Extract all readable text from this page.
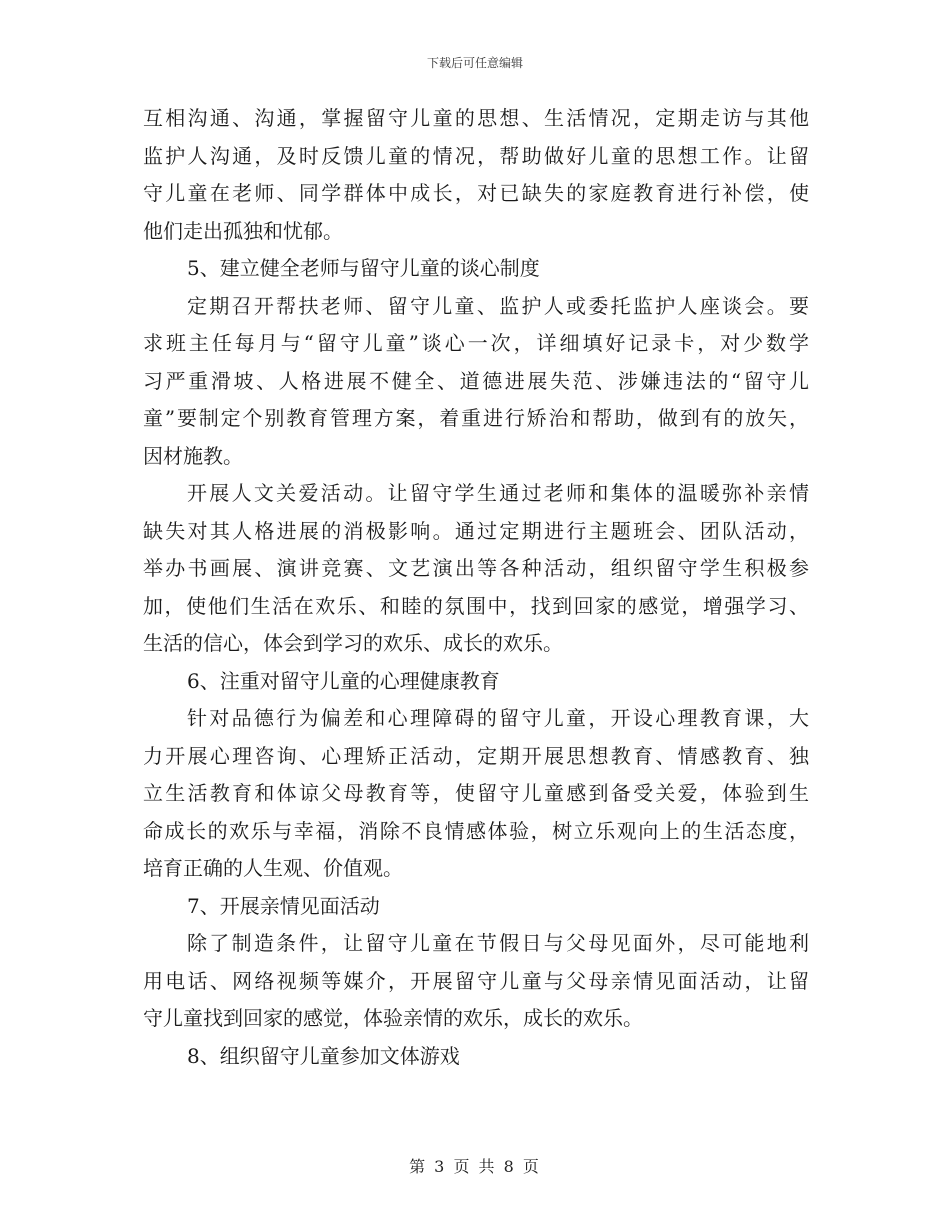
下载后可任意编辑
互相沟通、沟通，掌握留守儿童的思想、生活情况，定期走访与其他
监护人沟通，及时反馈儿童的情况，帮助做好儿童的思想工作。让留
守儿童在老师、同学群体中成长，对已缺失的家庭教育进行补偿，使
他们走出孤独和忧郁。
5、建立健全老师与留守儿童的谈心制度
定期召开帮扶老师、留守儿童、监护人或委托监护人座谈会。要
求班主任每月与“留守儿童”谈心一次，详细填好记录卡，对少数学
习严重滑坡、人格进展不健全、道德进展失范、涉嫌违法的“留守儿
童”要制定个别教育管理方案，着重进行矫治和帮助，做到有的放矢，
因材施教。
开展人文关爱活动。让留守学生通过老师和集体的温暖弥补亲情
缺失对其人格进展的消极影响。通过定期进行主题班会、团队活动，
举办书画展、演讲竞赛、文艺演出等各种活动，组织留守学生积极参
加，使他们生活在欢乐、和睦的氛围中，找到回家的感觉，增强学习、
生活的信心，体会到学习的欢乐、成长的欢乐。
6、注重对留守儿童的心理健康教育
针对品德行为偏差和心理障碍的留守儿童，开设心理教育课，大
力开展心理咨询、心理矫正活动，定期开展思想教育、情感教育、独
立生活教育和体谅父母教育等，使留守儿童感到备受关爱，体验到生
命成长的欢乐与幸福，消除不良情感体验，树立乐观向上的生活态度，
培育正确的人生观、价值观。
7、开展亲情见面活动
除了制造条件，让留守儿童在节假日与父母见面外，尽可能地利
用电话、网络视频等媒介，开展留守儿童与父母亲情见面活动，让留
守儿童找到回家的感觉，体验亲情的欢乐，成长的欢乐。
8、组织留守儿童参加文体游戏
第 3 页 共 8 页
